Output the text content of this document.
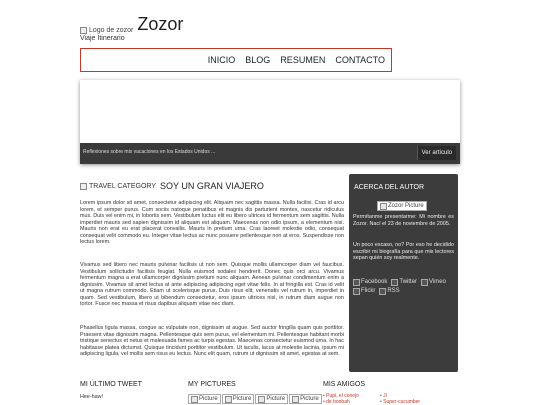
Logo de zozor Zozor
Viaje Itinerario
INICIO BLOG RESUMEN CONTACTO
Reflexiones sobre mis vacaciones en los Estados Unidos ...	Ver artículo
TRAVEL CATEGORY SOY UN GRAN VIAJERO

Lorem ipsum dolor sit amet, consectetur adipiscing elit. Aliquam nec sagittis massa. Nulla facilisi. Cras id arcu lorem, et semper purus. Cum sociis natoque penatibus et magnis dis parturient montes, nascetur ridiculus mus. Duis vel enim mi, in lobortis sem. Vestibulum luctus elit eu libero ultrices id fermentum sem sagittis. Nulla imperdiet mauris sed sapien dignissim id aliquam est aliquam. Maecenas non odio ipsum, a elementum nisi. Mauris non erat eu erat placerat convallis. Mauris in pretium urna. Cras laoreet molestie odio, consequat consequat velit commodo eu. Integer vitae lectus ac nunc posuere pellentesque non at eros. Suspendisse non lectus lorem.

Vivamus sed libero nec mauris pulvinar facilisis ut non sem. Quisque mollis ullamcorper diam vel faucibus. Vestibulum sollicitudin facilisis feugiat. Nulla euismod sodales hendrerit. Donec quis orci arcu. Vivamus fermentum magna a erat ullamcorper dignissim pretium nunc aliquam. Aenean pulvinar condimentum enim a dignissim. Vivamus sit amet lectus at ante adipiscing adipiscing eget vitae felis. In at fringilla est. Cras id velit ut magna rutrum commodo. Etiam ut scelerisque purus. Duis risus elit, venenatis vel rutrum in, imperdiet in quam. Sed vestibulum, libero ut bibendum consectetur, eros ipsum ultrices nisl, in rutrum diam augue non tortor. Fusce nec massa et risus dapibus aliquam vitae nec diam.

Phasellus ligula massa, congue ac vulputate non, dignissim at augue. Sed auctor fringilla quam quis porttitor. Praesent vitae dignissim magna. Pellentesque quis sem purus, vel elementum mi. Pellentesque habitant morbi tristique senectus et netus et malesuada fames ac turpis egestas. Maecenas consectetur euismod urna. In hac habitasse platea dictumst. Quisque tincidunt porttitor vestibulum. Ut iaculis, lacus at molestie lacinia, ipsum mi adipiscing ligula, vel mollis sem risus eu lectus. Nunc elit quam, rutrum ut dignissim sit amet, egestas at sem.

ACERCA DEL AUTOR
Zozor Picture
Permítanme presentarme: Mi nombre es Zozor. Nací el 23 de noviembre de 2005.
Un poco escaso, no? Por eso he decidido escribir mi biografía para que mis lectores sepan quién soy realmente.
Facebook Twitter Vimeo
Flickr RSS
MI ÚLTIMO TWEET	MY PICTURES	MIS AMIGOS
Hee-haw!	Picture	Picture	Picture	Picture
•	Pupi, el conejo
• de bonbah
• Ji
• Super-cucumber
